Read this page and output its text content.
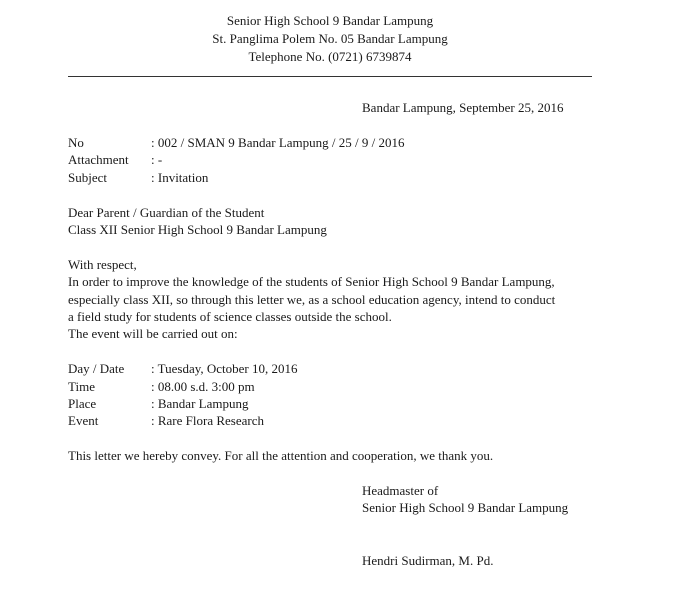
Senior High School 9 Bandar Lampung
St. Panglima Polem No. 05 Bandar Lampung
Telephone No. (0721) 6739874
Bandar Lampung, September 25, 2016
No	: 002 / SMAN 9 Bandar Lampung / 25 / 9 / 2016
Attachment : -
Subject	: Invitation
Dear Parent / Guardian of the Student
Class XII Senior High School 9 Bandar Lampung
With respect,
In order to improve the knowledge of the students of Senior High School 9 Bandar Lampung,
especially class XII, so through this letter we, as a school education agency, intend to conduct
a field study for students of science classes outside the school.
The event will be carried out on:
Day / Date : Tuesday, October 10, 2016
Time	: 08.00 s.d. 3:00 pm
Place	: Bandar Lampung
Event	: Rare Flora Research
This letter we hereby convey. For all the attention and cooperation, we thank you.
Headmaster of
Senior High School 9 Bandar Lampung
Hendri Sudirman, M. Pd.
